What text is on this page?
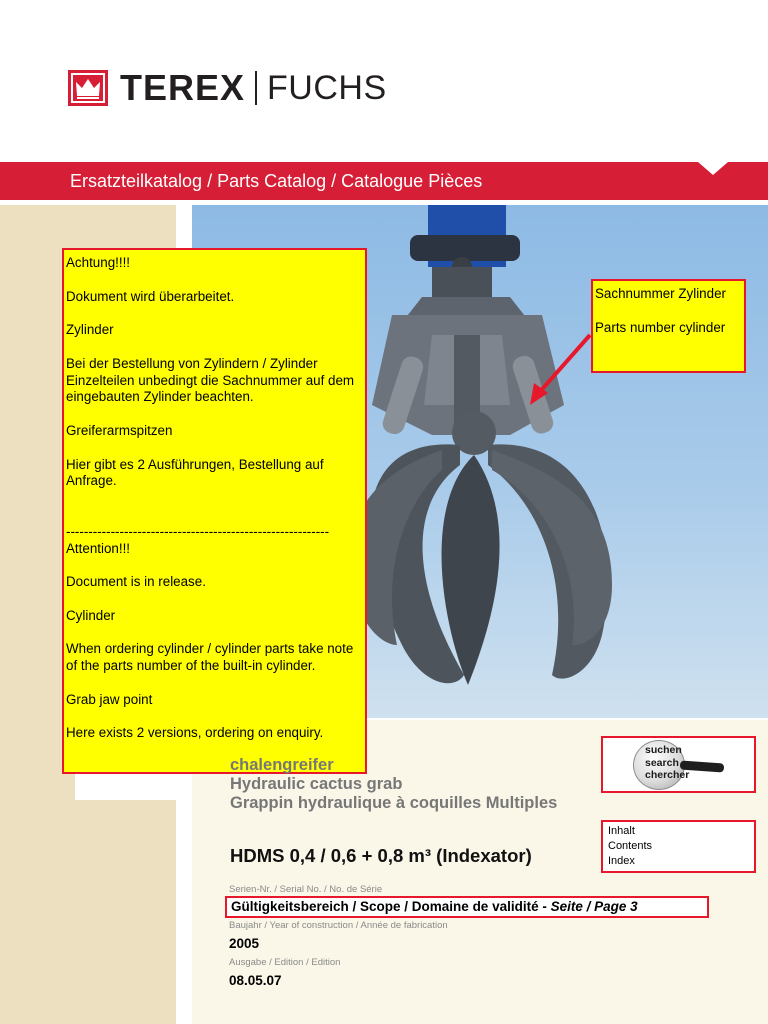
TEREX FUCHS
Ersatzteilkatalog / Parts Catalog / Catalogue Pièces

Achtung!!!!

Dokument wird überarbeitet.

Zylinder

Bei der Bestellung von Zylindern / Zylinder Einzelteilen unbedingt die Sachnummer auf dem eingebauten Zylinder beachten.

Greiferarmspitzen

Hier gibt es 2 Ausführungen, Bestellung auf Anfrage.

-----------------------------------------------------------

Attention!!!

Document is in release.

Cylinder

When ordering cylinder / cylinder parts take note of the parts number of the built-in cylinder.

Grab jaw point

Here exists 2 versions, ordering on enquiry.

Sachnummer Zylinder

Parts number cylinder

chalengreifer
Hydraulic cactus grab
Grappin hydraulique à coquilles Multiples
HDMS 0,4 / 0,6 + 0,8 m³ (Indexator)
Serien-Nr. / Serial No. / No. de Série
Gültigkeitsbereich / Scope / Domaine de validité - Seite / Page 3
Baujahr / Year of construction / Année de fabrication
2005
Ausgabe / Edition / Edition
08.05.07
suchen
search
chercher
Inhalt
Contents
Index
